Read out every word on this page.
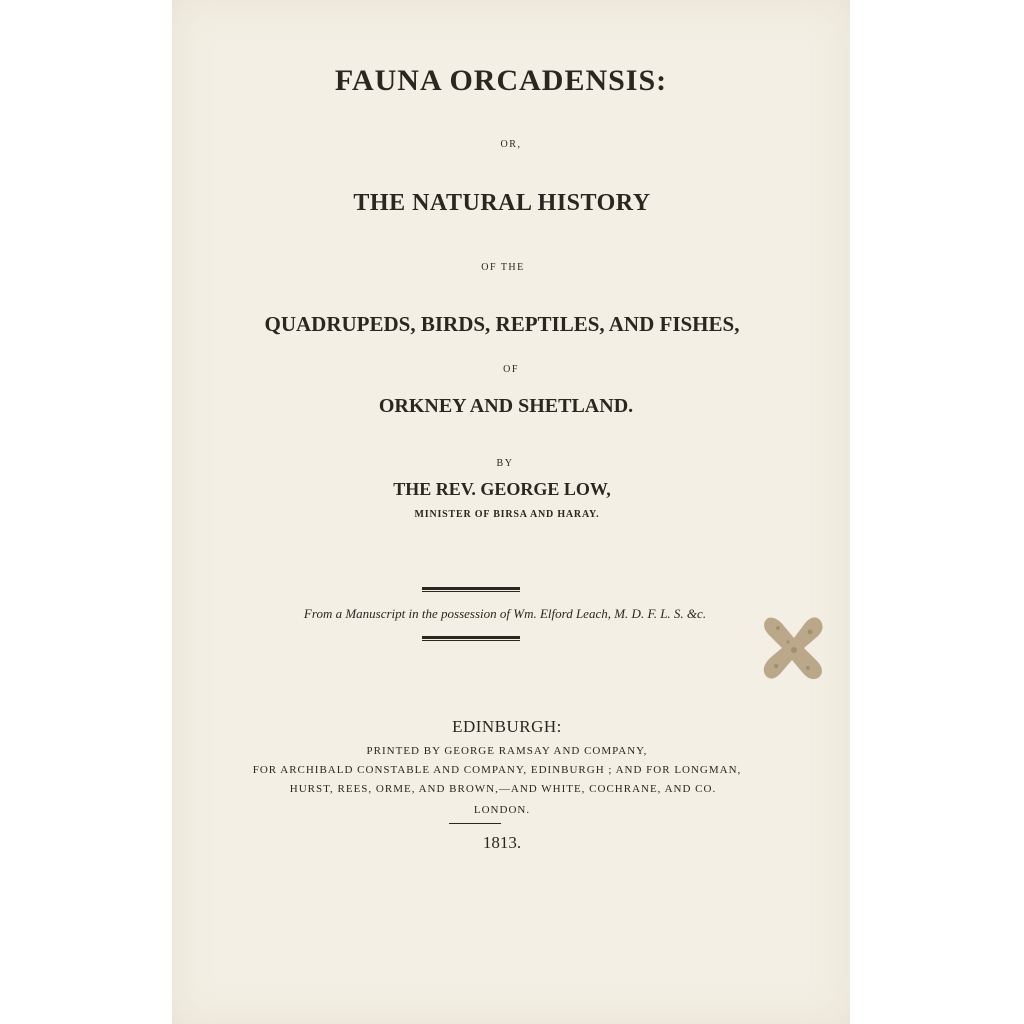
FAUNA ORCADENSIS:
OR,
THE NATURAL HISTORY
OF THE
QUADRUPEDS, BIRDS, REPTILES, AND FISHES,
OF
ORKNEY AND SHETLAND.
BY
THE REV. GEORGE LOW,
MINISTER OF BIRSA AND HARAY.
From a Manuscript in the possession of Wm. Elford Leach, M. D. F. L. S. &c.
EDINBURGH:
PRINTED BY GEORGE RAMSAY AND COMPANY,
FOR ARCHIBALD CONSTABLE AND COMPANY, EDINBURGH ; AND FOR LONGMAN,
HURST, REES, ORME, AND BROWN,—AND WHITE, COCHRANE, AND CO.
LONDON.
1813.
